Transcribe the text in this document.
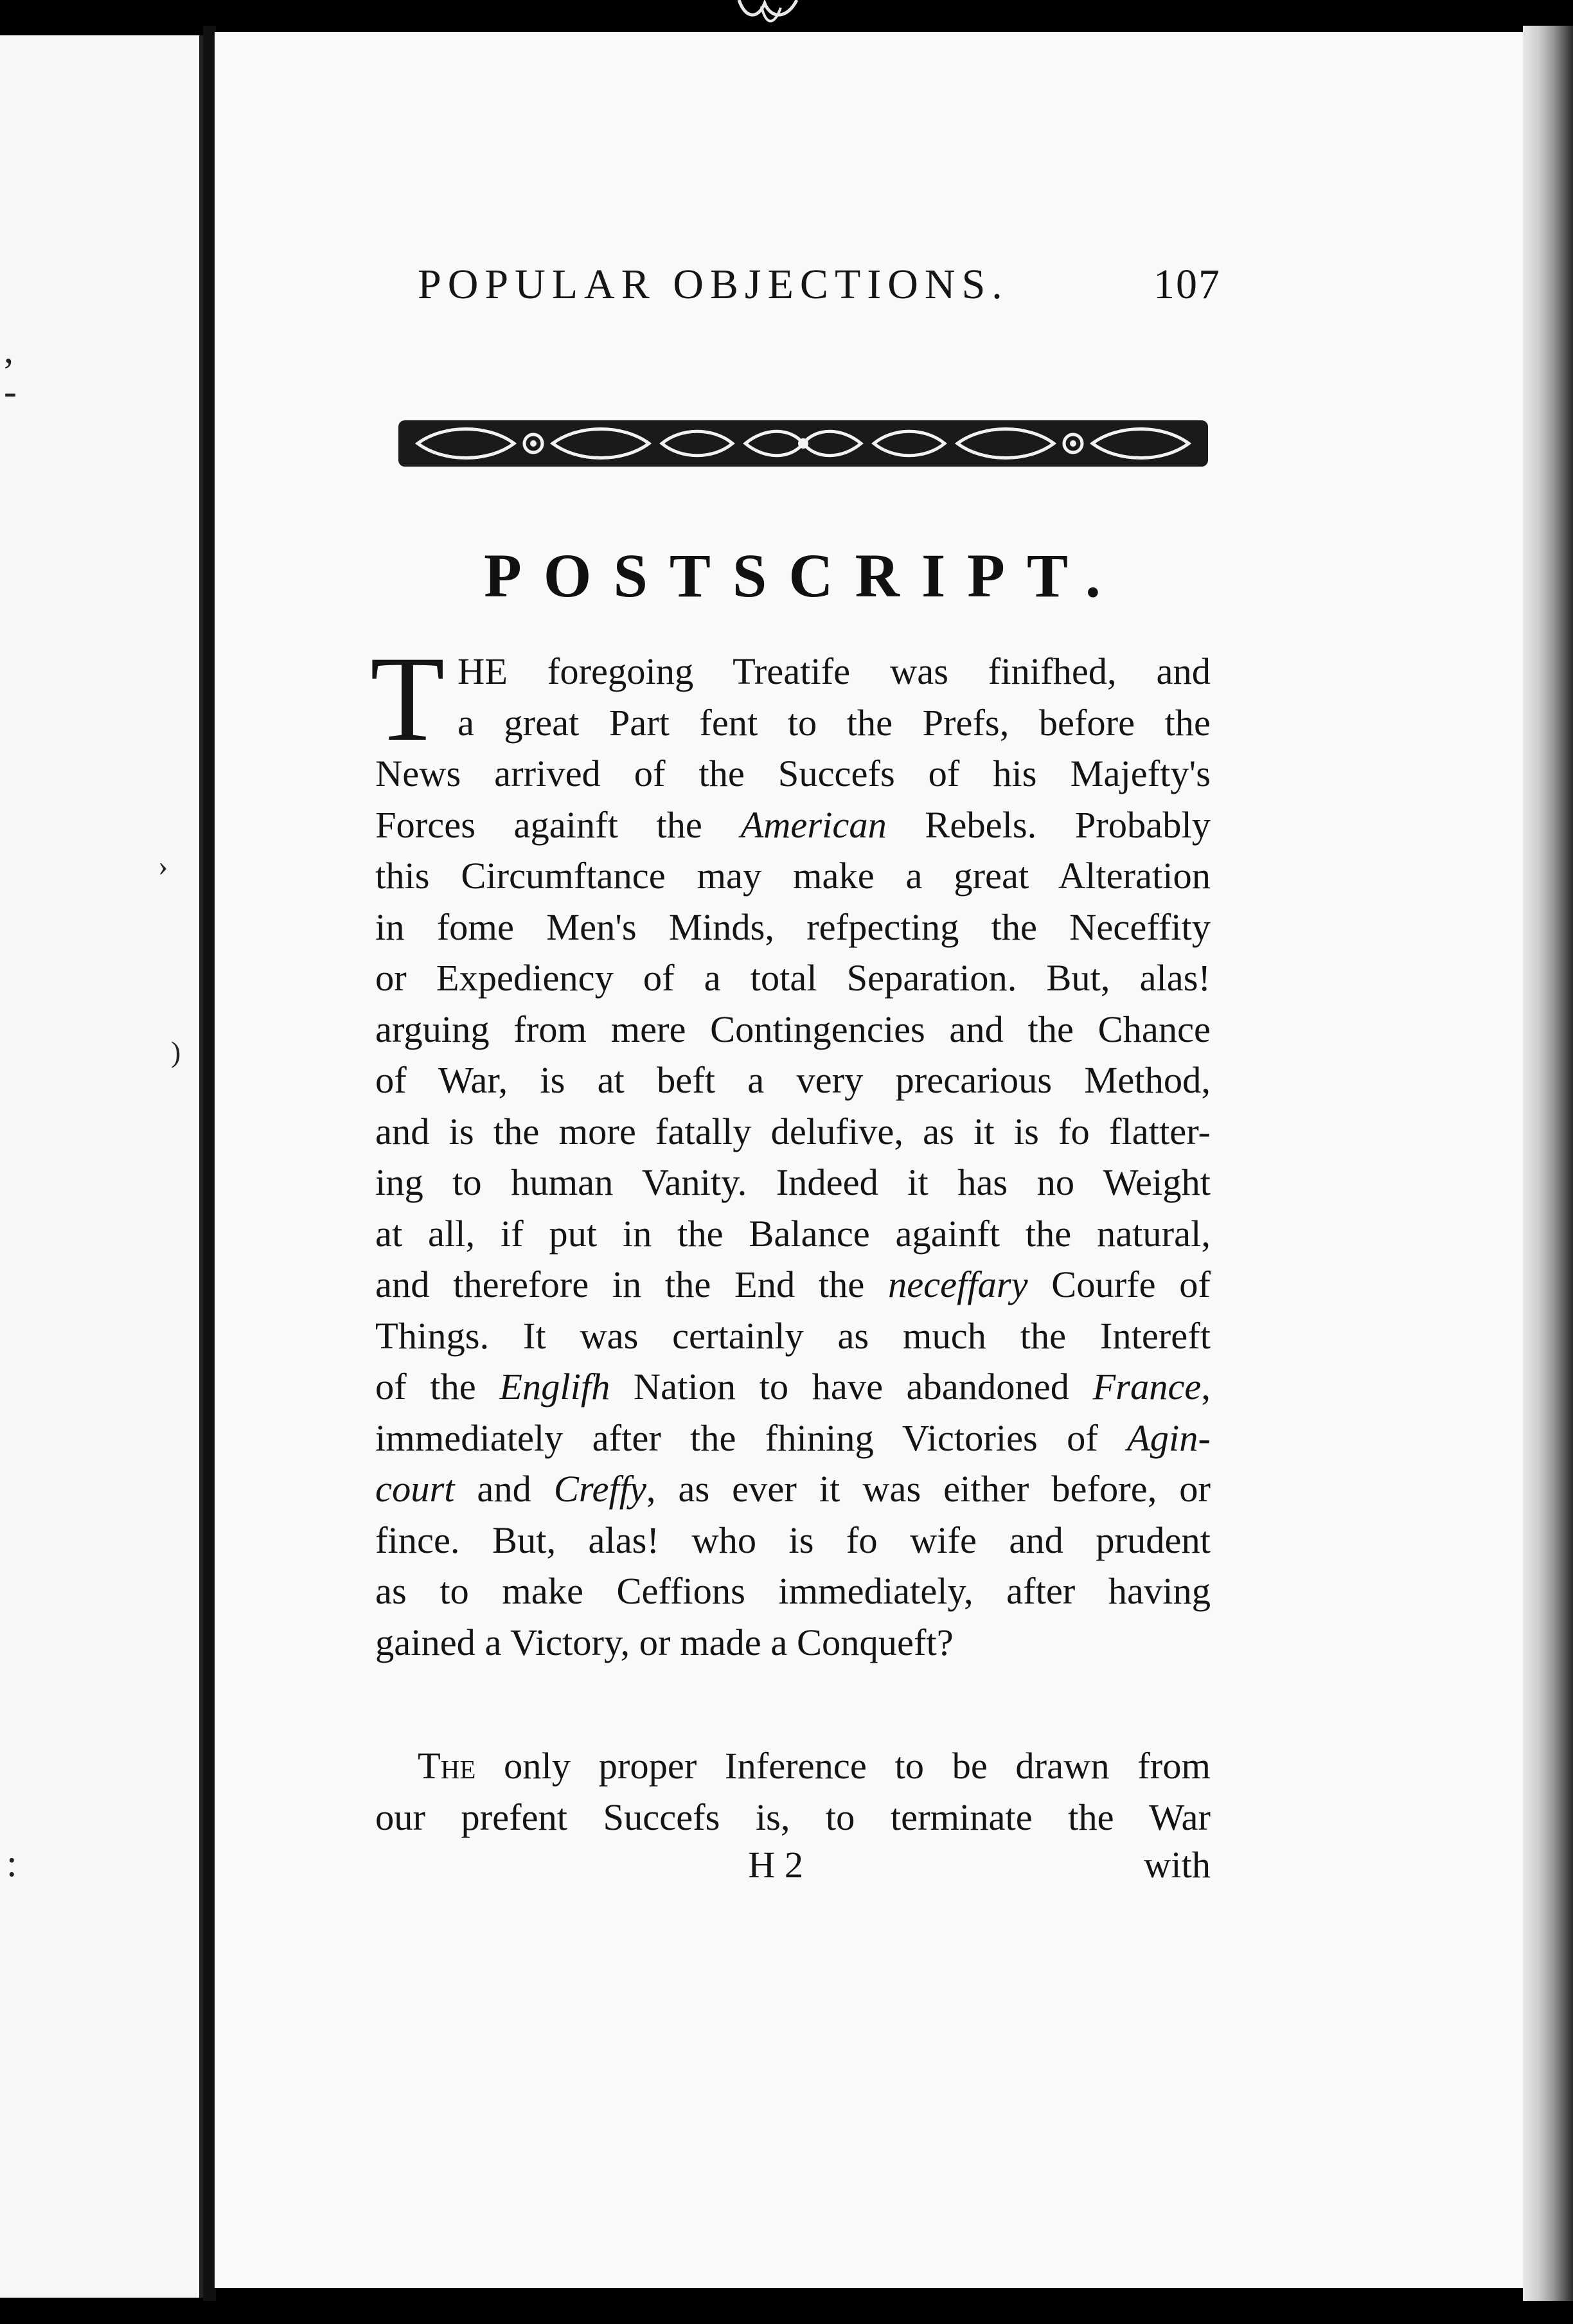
,
-
›
)
:
POPULAR OBJECTIONS.	107
POSTSCRIPT.
T HE foregoing Treatife was finifhed, and
a great Part fent to the Prefs, before the
News arrived of the Succefs of his Majefty's
Forces againft the American Rebels. Probably
this Circumftance may make a great Alteration
in fome Men's Minds, refpecting the Neceffity
or Expediency of a total Separation. But, alas!
arguing from mere Contingencies and the Chance
of War, is at beft a very precarious Method,
and is the more fatally delufive, as it is fo flatter-
ing to human Vanity. Indeed it has no Weight
at all, if put in the Balance againft the natural,
and therefore in the End the neceffary Courfe of
Things. It was certainly as much the Intereft
of the Englifh Nation to have abandoned France,
immediately after the fhining Victories of Agin-
court and Creffy, as ever it was either before, or
fince. But, alas! who is fo wife and prudent
as to make Ceffions immediately, after having
gained a Victory, or made a Conqueft?
The only proper Inference to be drawn from
our prefent Succefs is, to terminate the War
H 2	with
